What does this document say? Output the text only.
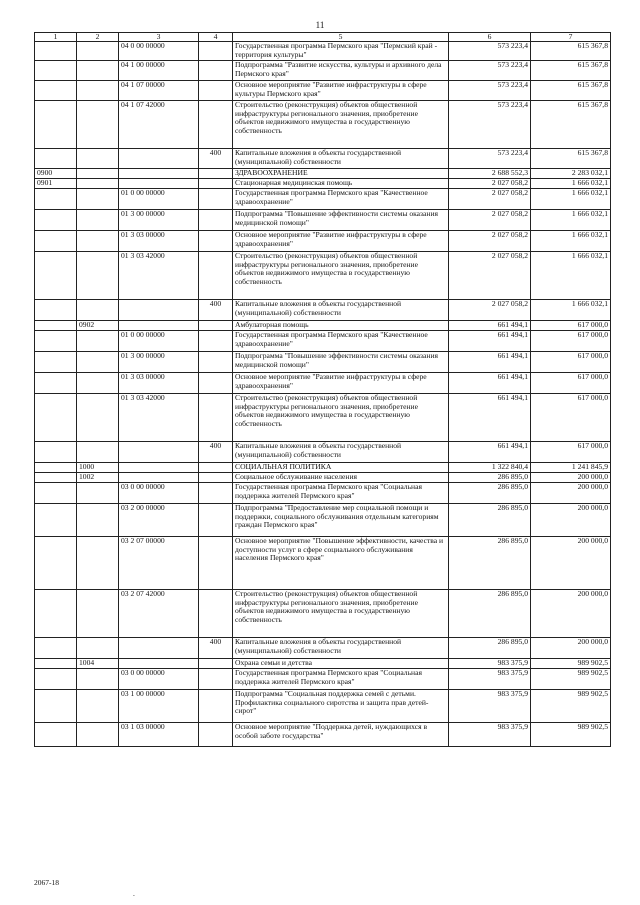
11
1	2	3	4	5	6	7
		04 0 00 00000		Государственная программа Пермского края "Пермский край - территория культуры"	573 223,4	615 367,8
		04 1 00 00000		Подпрограмма "Развитие искусства, культуры и архивного дела Пермского края"	573 223,4	615 367,8
		04 1 07 00000		Основное мероприятие "Развитие инфраструктуры в сфере культуры Пермского края"	573 223,4	615 367,8
		04 1 07 42000		Строительство (реконструкция) объектов общественной инфраструктуры регионального значения, приобретение объектов недвижимого имущества в государственную собственность	573 223,4	615 367,8
			400	Капитальные вложения в объекты государственной (муниципальной) собственности	573 223,4	615 367,8
0900				ЗДРАВООХРАНЕНИЕ	2 688 552,3	2 283 032,1
0901				Стационарная медицинская помощь	2 027 058,2	1 666 032,1
		01 0 00 00000		Государственная программа Пермского края "Качественное здравоохранение"	2 027 058,2	1 666 032,1
		01 3 00 00000		Подпрограмма "Повышение эффективности системы оказания медицинской помощи"	2 027 058,2	1 666 032,1
		01 3 03 00000		Основное мероприятие "Развитие инфраструктуры в сфере здравоохранения"	2 027 058,2	1 666 032,1
		01 3 03 42000		Строительство (реконструкция) объектов общественной инфраструктуры регионального значения, приобретение объектов недвижимого имущества в государственную собственность	2 027 058,2	1 666 032,1
			400	Капитальные вложения в объекты государственной (муниципальной) собственности	2 027 058,2	1 666 032,1
	0902			Амбулаторная помощь	661 494,1	617 000,0
		01 0 00 00000		Государственная программа Пермского края "Качественное здравоохранение"	661 494,1	617 000,0
		01 3 00 00000		Подпрограмма "Повышение эффективности системы оказания медицинской помощи"	661 494,1	617 000,0
		01 3 03 00000		Основное мероприятие "Развитие инфраструктуры в сфере здравоохранения"	661 494,1	617 000,0
		01 3 03 42000		Строительство (реконструкция) объектов общественной инфраструктуры регионального значения, приобретение объектов недвижимого имущества в государственную собственность	661 494,1	617 000,0
			400	Капитальные вложения в объекты государственной (муниципальной) собственности	661 494,1	617 000,0
	1000			СОЦИАЛЬНАЯ ПОЛИТИКА	1 322 840,4	1 241 845,9
	1002			Социальное обслуживание населения	286 895,0	200 000,0
		03 0 00 00000		Государственная программа Пермского края "Социальная поддержка жителей Пермского края"	286 895,0	200 000,0
		03 2 00 00000		Подпрограмма "Предоставление мер социальной помощи и поддержки, социального обслуживания отдельным категориям граждан Пермского края"	286 895,0	200 000,0
		03 2 07 00000		Основное мероприятие "Повышение эффективности, качества и доступности услуг в сфере социального обслуживания населения Пермского края"	286 895,0	200 000,0
		03 2 07 42000		Строительство (реконструкция) объектов общественной инфраструктуры регионального значения, приобретение объектов недвижимого имущества в государственную собственность	286 895,0	200 000,0
			400	Капитальные вложения в объекты государственной (муниципальной) собственности	286 895,0	200 000,0
	1004			Охрана семьи и детства	983 375,9	989 902,5
		03 0 00 00000		Государственная программа Пермского края "Социальная поддержка жителей Пермского края"	983 375,9	989 902,5
		03 1 00 00000		Подпрограмма "Социальная поддержка семей с детьми. Профилактика социального сиротства и защита прав детей-сирот"	983 375,9	989 902,5
		03 1 03 00000		Основное мероприятие "Поддержка детей, нуждающихся в особой заботе государства"	983 375,9	989 902,5
2067-18
.
